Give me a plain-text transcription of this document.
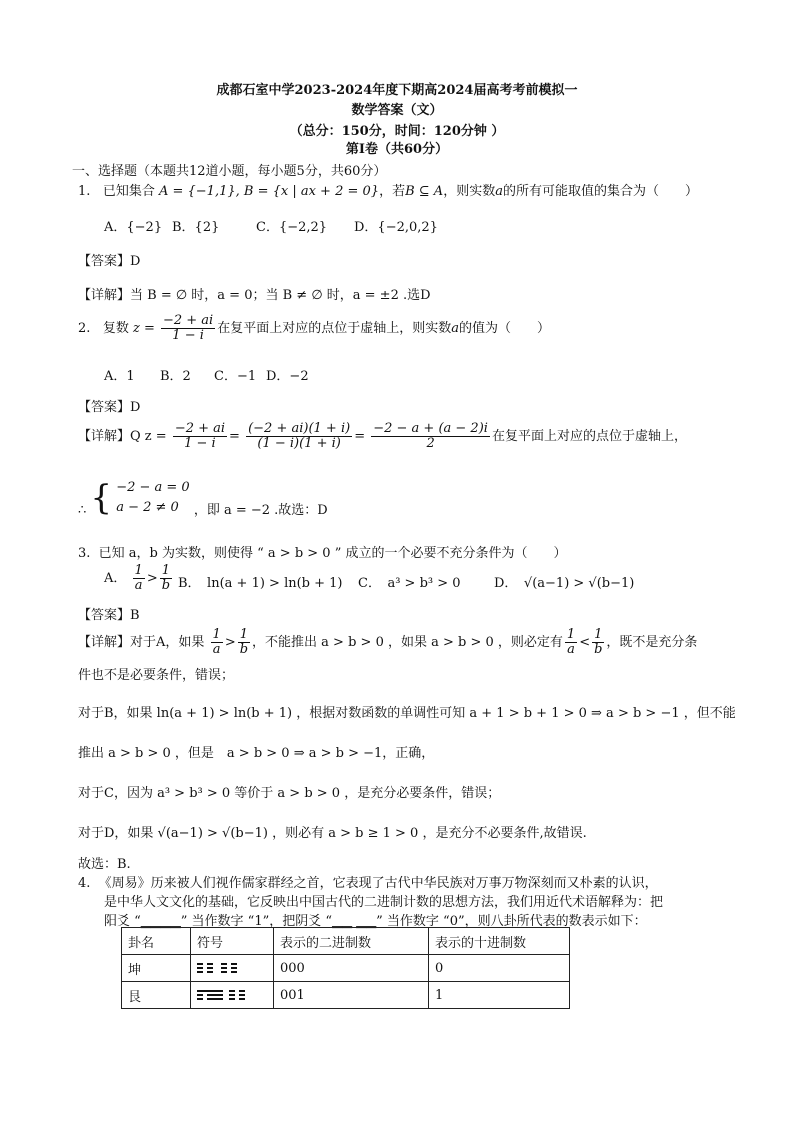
成都石室中学2023-2024年度下期高2024届高考考前模拟一
数学答案（文）
（总分：150分，时间：120分钟 ）
第Ⅰ卷（共60分）
一、选择题（本题共12道小题，每小题5分，共60分）
1. 已知集合 A = {−1,1}, B = {x | ax + 2 = 0}，若B ⊆ A，则实数a的所有可能取值的集合为（　　）
A．{−2} B．{2}	C．{−2,2} D．{−2,0,2}
【答案】D
【详解】当 B = ∅ 时，a = 0；当 B ≠ ∅ 时，a = ±2 .选D
2. 复数 $z = \frac{-2 + ai}{1 - i}$ 在复平面上对应的点位于虚轴上，则实数a的值为（　　）
A．1 B．2 C．−1 D．−2
【答案】D
【详解】Q $z = \frac{-2 + ai}{1 - i} = \frac{(-2 + ai)(1 + i)}{(1 - i)(1 + i)} = \frac{-2 - a + (a - 2)i}{2}$ 在复平面上对应的点位于虚轴上，
∴ { −2 − a = 0
a − 2 ≠ 0	，即 a = −2 .故选：D
3. 已知 a，b 为实数，则使得 “ a > b > 0 ” 成立的一个必要不充分条件为（　　）
A． $\frac{1}{a} > \frac{1}{b}$ B．　ln(a + 1) > ln(b + 1) C．　a³ > b³ > 0	D．　√(a−1) > √(b−1)
【答案】B
【详解】对于A，如果 $\frac{1}{a} > \frac{1}{b}$ ，不能推出 a > b > 0 ，如果 a > b > 0 ，则必定有 $\frac{1}{a} < \frac{1}{b}$ ，既不是充分条
件也不是必要条件，错误；
对于B，如果 ln(a + 1) > ln(b + 1) ，根据对数函数的单调性可知 a + 1 > b + 1 > 0 ⇒ a > b > −1 ，但不能
推出 a > b > 0 ，但是　a > b > 0 ⇒ a > b > −1，正确，
对于C，因为 a³ > b³ > 0 等价于 a > b > 0 ，是充分必要条件，错误；
对于D，如果 √(a−1) > √(b−1) ，则必有 a > b ≥ 1 > 0 ，是充分不必要条件,故错误.
故选：B.
4. 《周易》历来被人们视作儒家群经之首，它表现了古代中华民族对万事万物深刻而又朴素的认识，
是中华人文文化的基础，它反映出中国古代的二进制计数的思想方法，我们用近代术语解释为：把
阳爻 “▁▁▁▁” 当作数字 “1”，把阴爻 “▁▁ ▁▁” 当作数字 “0”，则八卦所代表的数表示如下：
卦名	符号	表示的二进制数	表示的十进制数
坤		000	0
艮		001	1
